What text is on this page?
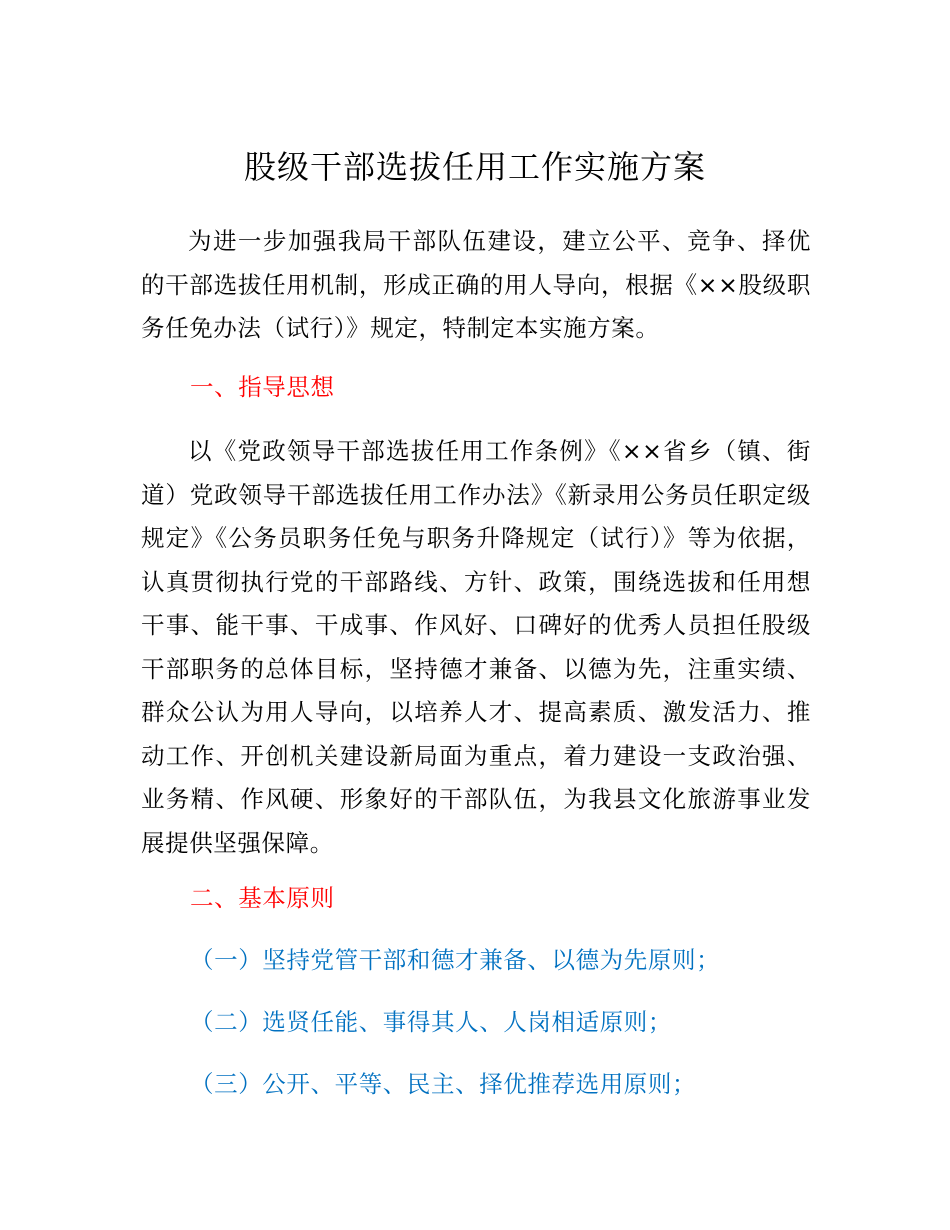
股级干部选拔任用工作实施方案
为进一步加强我局干部队伍建设，建立公平、竞争、择优的干部选拔任用机制，形成正确的用人导向，根据《××股级职务任免办法（试行）》规定，特制定本实施方案。
一、指导思想
以《党政领导干部选拔任用工作条例》《××省乡（镇、街道）党政领导干部选拔任用工作办法》《新录用公务员任职定级规定》《公务员职务任免与职务升降规定（试行）》等为依据，认真贯彻执行党的干部路线、方针、政策，围绕选拔和任用想干事、能干事、干成事、作风好、口碑好的优秀人员担任股级干部职务的总体目标，坚持德才兼备、以德为先，注重实绩、群众公认为用人导向，以培养人才、提高素质、激发活力、推动工作、开创机关建设新局面为重点，着力建设一支政治强、业务精、作风硬、形象好的干部队伍，为我县文化旅游事业发展提供坚强保障。
二、基本原则
（一）坚持党管干部和德才兼备、以德为先原则；
（二）选贤任能、事得其人、人岗相适原则；
（三）公开、平等、民主、择优推荐选用原则；
